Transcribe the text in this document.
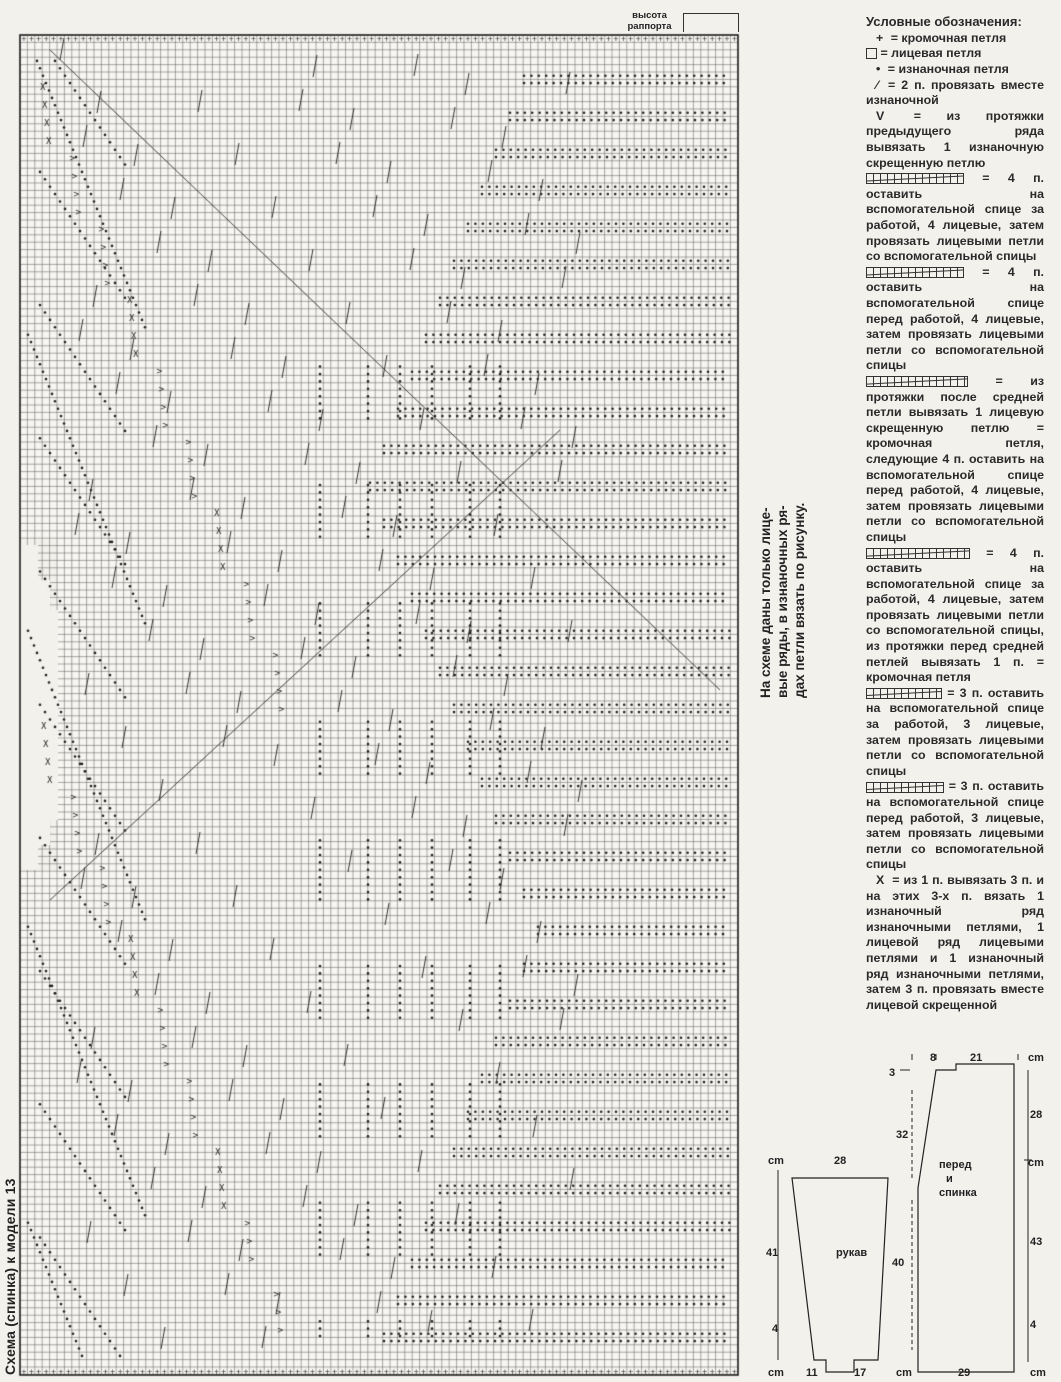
высота
раппорта
Схема (спинка) к модели 13
На схеме даны только лице- вые ряды, в изнаночных ря- дах петли вязать по рисунку.
Условные обозначения:

+ = кромочная петля

= лицевая петля

• = изнаночная петля

⁄ = 2 п. провязать вместе изнаночной

V = из протяжки предыдущего ряда вывязать 1 изнаночную скрещенную петлю

= 4 п. оставить на вспомогательной спице за работой, 4 лицевые, затем провязать лицевыми петли со вспомогательной спицы

= 4 п. оставить на вспомогательной спице перед работой, 4 лицевые, затем провязать лицевыми петли со вспомогательной спицы

= из протяжки после средней петли вывязать 1 лицевую скрещенную петлю = кромочная петля, следующие 4 п. оставить на вспомогательной спице перед работой, 4 лицевые, затем провязать лицевыми петли со вспомогательной спицы

= 4 п. оставить на вспомогательной спице за работой, 4 лицевые, затем провязать лицевыми петли со вспомогательной спицы, из протяжки перед средней петлей вывязать 1 п. = кромочная петля

= 3 п. оставить на вспомогательной спице за работой, 3 лицевые, затем провязать лицевыми петли со вспомогательной спицы

= 3 п. оставить на вспомогательной спице перед работой, 3 лицевые, затем провязать лицевыми петли со вспомогательной спицы

X = из 1 п. вывязать 3 п. и на этих 3-х п. вязать 1 изнаночный ряд изнаночными петлями, 1 лицевой ряд лицевыми петлями и 1 изнаночный ряд изнаночными петлями, затем 3 п. провязать вместе лицевой скрещенной

8	21	cm
3
32
28
cm
43
4
перед
и
спинка
cm	28
41	рукав
40
4
cm 11	17	cm	29	cm
